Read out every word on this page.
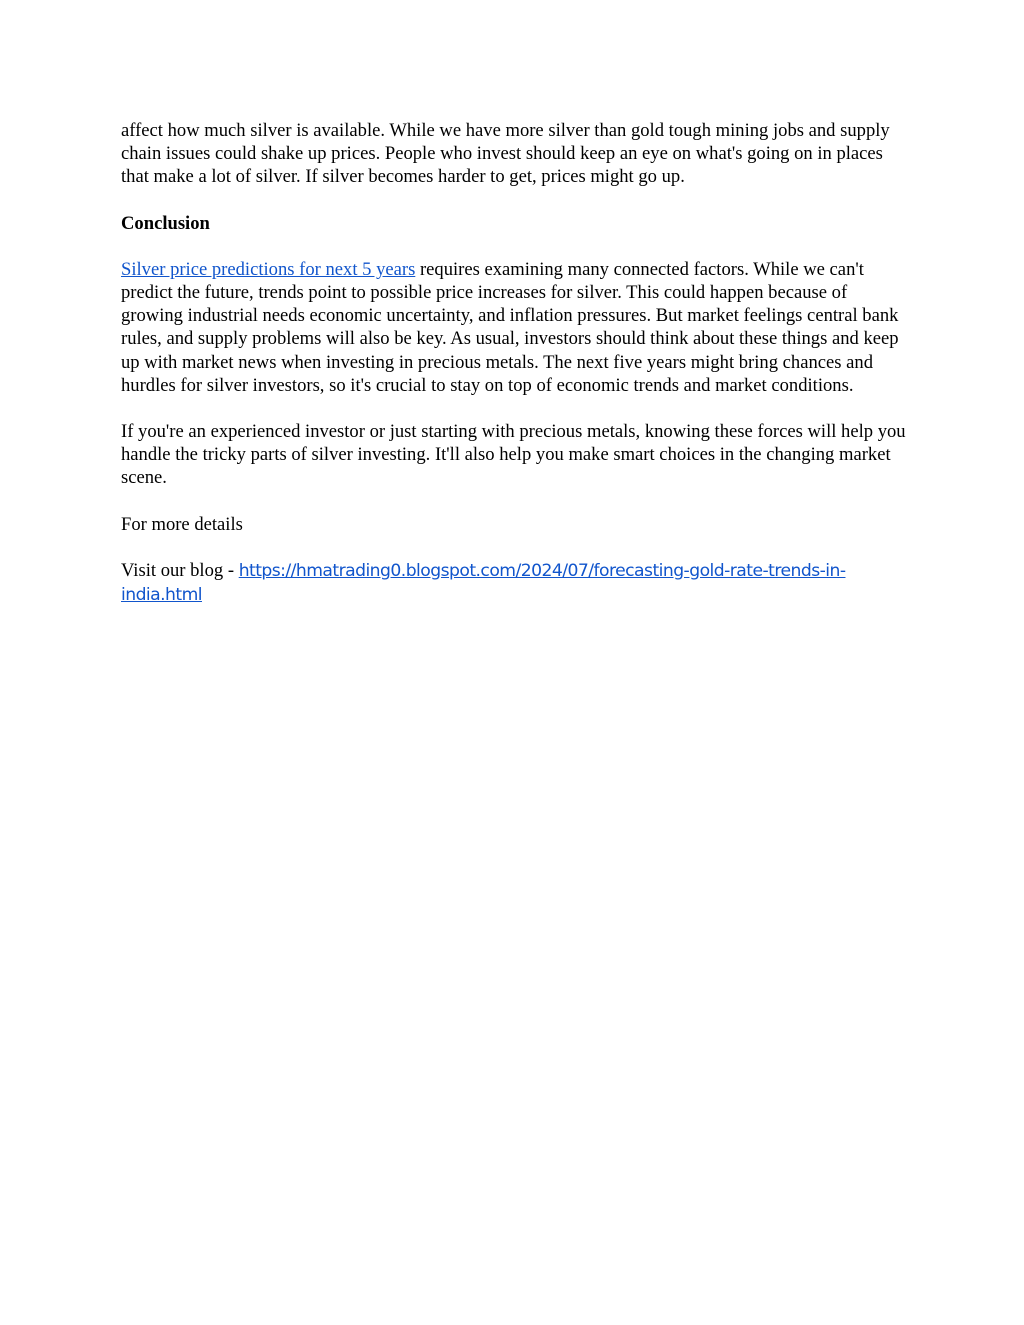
affect how much silver is available. While we have more silver than gold tough mining jobs and supply chain issues could shake up prices. People who invest should keep an eye on what's going on in places that make a lot of silver. If silver becomes harder to get, prices might go up.

Conclusion

Silver price predictions for next 5 years requires examining many connected factors. While we can't predict the future, trends point to possible price increases for silver. This could happen because of growing industrial needs economic uncertainty, and inflation pressures. But market feelings central bank rules, and supply problems will also be key. As usual, investors should think about these things and keep up with market news when investing in precious metals. The next five years might bring chances and hurdles for silver investors, so it's crucial to stay on top of economic trends and market conditions.

If you're an experienced investor or just starting with precious metals, knowing these forces will help you handle the tricky parts of silver investing. It'll also help you make smart choices in the changing market scene.

For more details

Visit our blog - https://hmatrading0.blogspot.com/2024/07/forecasting-gold-rate-trends-in-india.html
